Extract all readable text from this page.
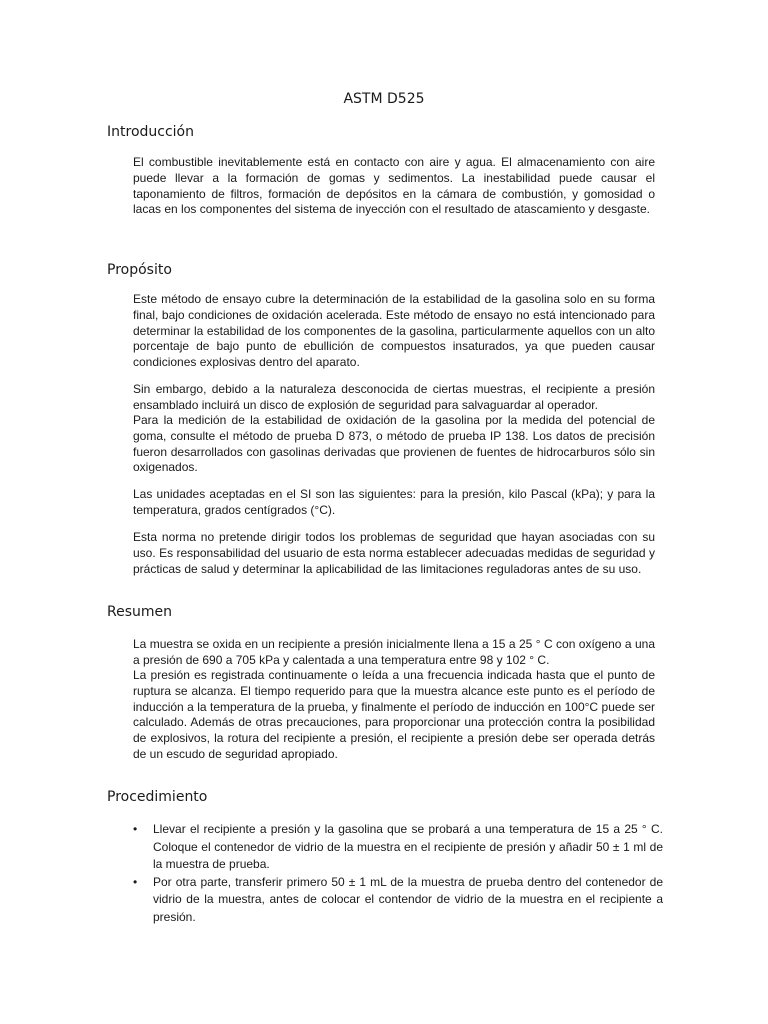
ASTM D525
Introducción

El combustible inevitablemente está en contacto con aire y agua. El almacenamiento con aire puede llevar a la formación de gomas y sedimentos. La inestabilidad puede causar el taponamiento de filtros, formación de depósitos en la cámara de combustión, y gomosidad o lacas en los componentes del sistema de inyección con el resultado de atascamiento y desgaste.

Propósito

Este método de ensayo cubre la determinación de la estabilidad de la gasolina solo en su forma final, bajo condiciones de oxidación acelerada. Este método de ensayo no está intencionado para determinar la estabilidad de los componentes de la gasolina, particularmente aquellos con un alto porcentaje de bajo punto de ebullición de compuestos insaturados, ya que pueden causar condiciones explosivas dentro del aparato.

Sin embargo, debido a la naturaleza desconocida de ciertas muestras, el recipiente a presión ensamblado incluirá un disco de explosión de seguridad para salvaguardar al operador.

Para la medición de la estabilidad de oxidación de la gasolina por la medida del potencial de goma, consulte el método de prueba D 873, o método de prueba IP 138. Los datos de precisión fueron desarrollados con gasolinas derivadas que provienen de fuentes de hidrocarburos sólo sin oxigenados.

Las unidades aceptadas en el SI son las siguientes: para la presión, kilo Pascal (kPa); y para la temperatura, grados centígrados (°C).

Esta norma no pretende dirigir todos los problemas de seguridad que hayan asociadas con su uso. Es responsabilidad del usuario de esta norma establecer adecuadas medidas de seguridad y prácticas de salud y determinar la aplicabilidad de las limitaciones reguladoras antes de su uso.

Resumen

La muestra se oxida en un recipiente a presión inicialmente llena a 15 a 25 ° C con oxígeno a una a presión de 690 a 705 kPa y calentada a una temperatura entre 98 y 102 ° C.

La presión es registrada continuamente o leída a una frecuencia indicada hasta que el punto de ruptura se alcanza. El tiempo requerido para que la muestra alcance este punto es el período de inducción a la temperatura de la prueba, y finalmente el período de inducción en 100°C puede ser calculado. Además de otras precauciones, para proporcionar una protección contra la posibilidad de explosivos, la rotura del recipiente a presión, el recipiente a presión debe ser operada detrás de un escudo de seguridad apropiado.

Procedimiento
• Llevar el recipiente a presión y la gasolina que se probará a una temperatura de 15 a 25 ° C. Coloque el contenedor de vidrio de la muestra en el recipiente de presión y añadir 50 ± 1 ml de la muestra de prueba.
• Por otra parte, transferir primero 50 ± 1 mL de la muestra de prueba dentro del contenedor de vidrio de la muestra, antes de colocar el contendor de vidrio de la muestra en el recipiente a presión.
